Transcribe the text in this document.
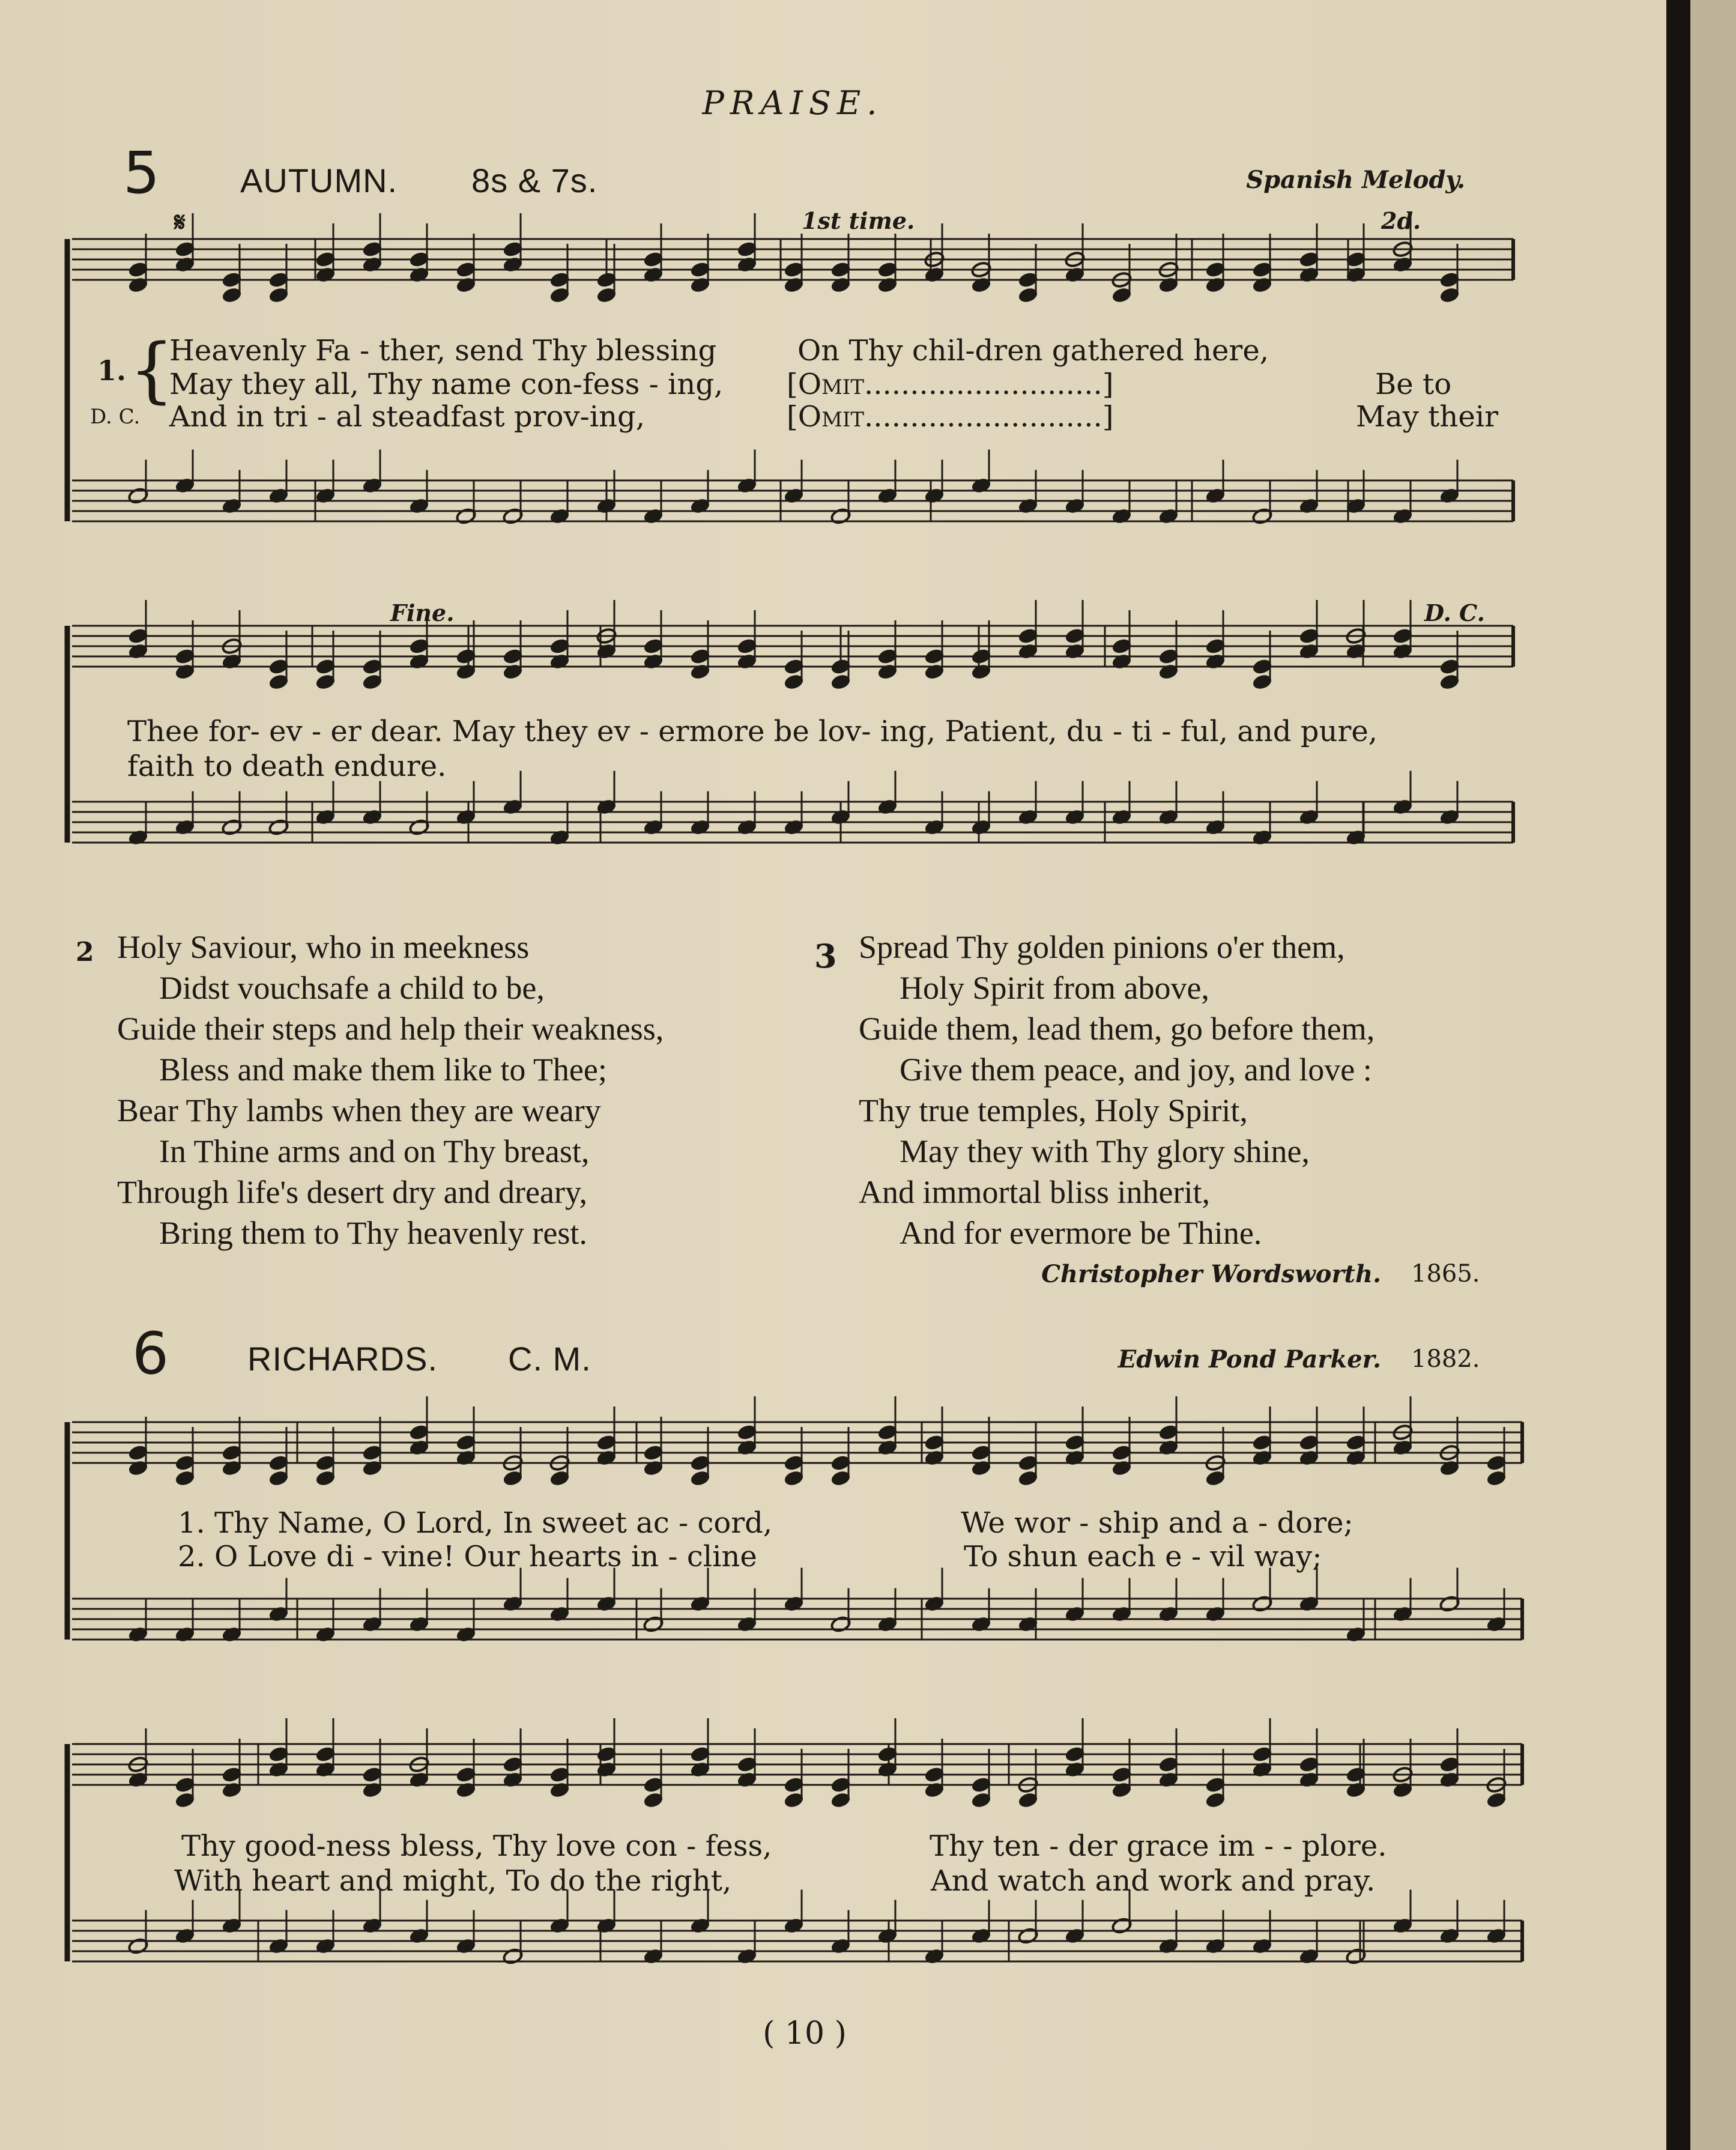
PRAISE.
5 AUTUMN. 8s & 7s.	Spanish Melody.
𝄋	1st time.	2d.
Fine.	D. C.
1. {
Heavenly Fa - ther, send Thy blessing	On Thy chil-dren gathered here,
May they all, Thy name con-fess - ing, [Omit..........................]	Be to
D. C. And in tri - al steadfast prov-ing,	[Omit..........................]	May their
Thee for- ev - er dear. May they ev - ermore be lov- ing, Patient, du - ti - ful, and pure,
faith to death endure.
2 Holy Saviour, who in meekness
Didst vouchsafe a child to be,
Guide their steps and help their weakness,
Bless and make them like to Thee;
Bear Thy lambs when they are weary
In Thine arms and on Thy breast,
Through life's desert dry and dreary,
Bring them to Thy heavenly rest.
3 Spread Thy golden pinions o'er them,
Holy Spirit from above,
Guide them, lead them, go before them,
Give them peace, and joy, and love :
Thy true temples, Holy Spirit,
May they with Thy glory shine,
And immortal bliss inherit,
And for evermore be Thine.
Christopher Wordsworth. 1865.
6 RICHARDS. C. M.	Edwin Pond Parker. 1882.
1. Thy Name, O Lord, In sweet ac - cord,	We wor - ship and a - dore;
2. O Love di - vine! Our hearts in - cline	To shun each e - vil way;
Thy good-ness bless, Thy love con - fess,	Thy ten - der grace im - - plore.
With heart and might, To do the right,	And watch and work and pray.
( 10 )
